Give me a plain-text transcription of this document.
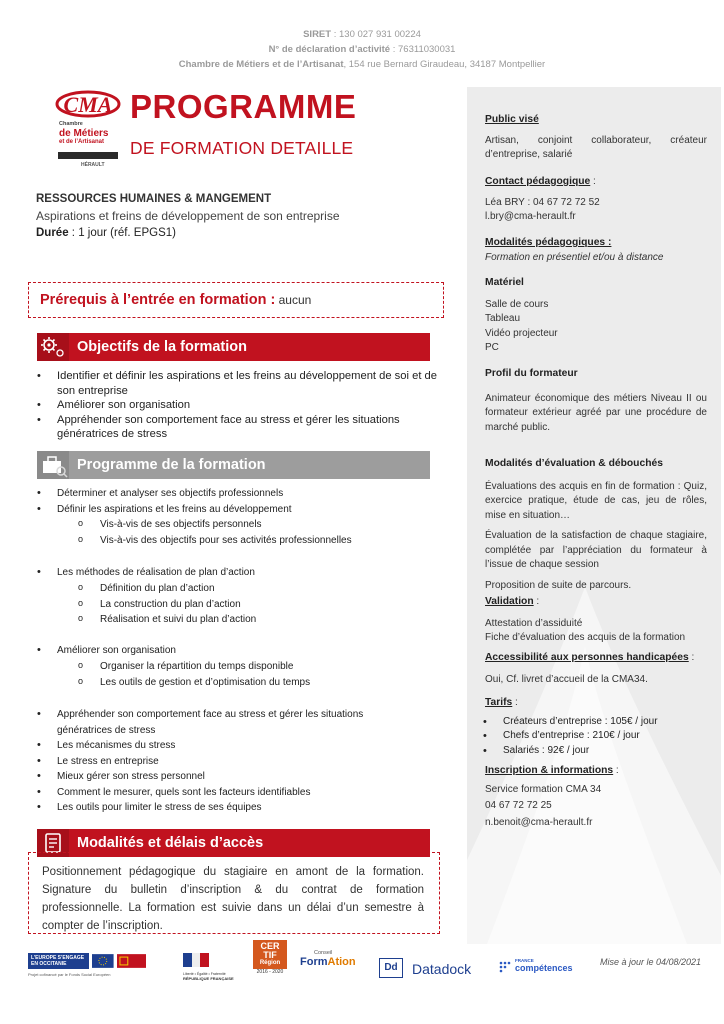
SIRET : 130 027 931 00224
N° de déclaration d’activité : 76311030031
Chambre de Métiers et de l’Artisanat, 154 rue Bernard Giraudeau, 34187 Montpellier
CMA
Chambre
de Métiers
et de l’Artisanat
HÉRAULT
PROGRAMME
DE FORMATION DETAILLE
RESSOURCES HUMAINES & MANGEMENT
Aspirations et freins de développement de son entreprise
Durée : 1 jour (réf. EPGS1)
Prérequis à l’entrée en formation : aucun
Objectifs de la formation
• Identifier et définir les aspirations et les freins au développement de soi et de son entreprise
• Améliorer son organisation
• Appréhender son comportement face au stress et gérer les situations génératrices de stress
Programme de la formation
• Déterminer et analyser ses objectifs professionnels
• Définir les aspirations et les freins au développement
o Vis-à-vis de ses objectifs personnels
o Vis-à-vis des objectifs pour ses activités professionnelles
• Les méthodes de réalisation de plan d’action
o Définition du plan d’action
o La construction du plan d’action
o Réalisation et suivi du plan d’action
• Améliorer son organisation
o Organiser la répartition du temps disponible
o Les outils de gestion et d’optimisation du temps
• Appréhender son comportement face au stress et gérer les situations génératrices de stress
• Les mécanismes du stress
• Le stress en entreprise
• Mieux gérer son stress personnel
• Comment le mesurer, quels sont les facteurs identifiables
• Les outils pour limiter le stress de ses équipes
Modalités et délais d’accès
Positionnement pédagogique du stagiaire en amont de la formation. Signature du bulletin d’inscription & du contrat de formation professionnelle. La formation est suivie dans un délai d’un semestre à compter de l’inscription.
Public visé
Artisan, conjoint collaborateur, créateur d’entreprise, salarié
Contact pédagogique :
Léa BRY : 04 67 72 72 52
l.bry@cma-herault.fr
Modalités pédagogiques :
Formation en présentiel et/ou à distance
Matériel
Salle de cours
Tableau
Vidéo projecteur
PC
Profil du formateur
Animateur économique des métiers Niveau II ou formateur extérieur agréé par une procédure de marché public.
Modalités d’évaluation & débouchés
Évaluations des acquis en fin de formation : Quiz, exercice pratique, étude de cas, jeu de rôles, mise en situation…
Évaluation de la satisfaction de chaque stagiaire, complétée par l’appréciation du formateur à l’issue de chaque session
Proposition de suite de parcours.
Validation :
Attestation d’assiduité
Fiche d’évaluation des acquis de la formation
Accessibilité aux personnes handicapées :
Oui, Cf. livret d’accueil de la CMA34.
Tarifs :
• Créateurs d’entreprise : 105€ / jour
• Chefs d’entreprise : 210€ / jour
• Salariés : 92€ / jour
Inscription & informations :
Service formation CMA 34
04 67 72 72 25
n.benoit@cma-herault.fr
L’EUROPE S’ENGAGE EN OCCITANIE
Projet cofinancé par le Fonds Social Européen	Liberté • Égalité • Fraternité
RÉPUBLIQUE FRANÇAISE
CER
TIF
Région
2016 - 2020
Conseil
FormAtion	Dd	Datadock
FRANCE
compétences
Mise à jour le 04/08/2021
